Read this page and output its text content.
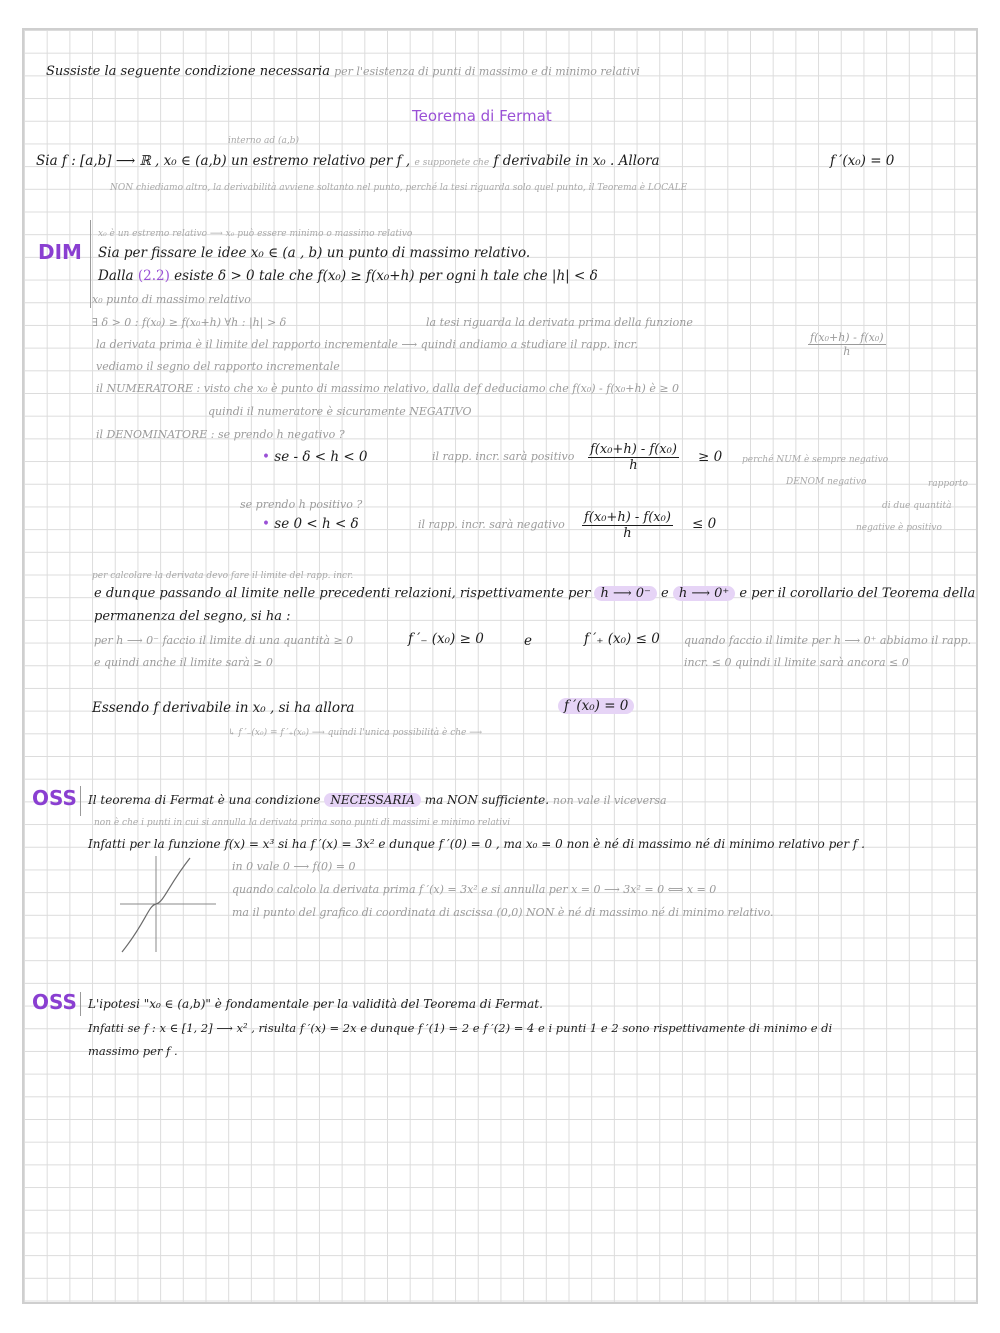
Sussiste la seguente condizione necessaria per l'esistenza di punti di massimo e di minimo relativi
Teorema di Fermat
interno ad (a,b)
Sia f : [a,b] ⟶ ℝ , x₀ ∈ (a,b) un estremo relativo per f , e supponete che f derivabile in x₀ . Allora	f ′(x₀) = 0
NON chiediamo altro, la derivabilità avviene soltanto nel punto, perché la tesi riguarda solo quel punto, il Teorema è LOCALE
DIM
x₀ è un estremo relativo ⟶ x₀ può essere minimo o massimo relativo
Sia per fissare le idee x₀ ∈ (a , b) un punto di massimo relativo.
Dalla (2.2) esiste δ > 0 tale che f(x₀) ≥ f(x₀+h) per ogni h tale che |h| < δ
x₀ punto di massimo relativo
∃ δ > 0 : f(x₀) ≥ f(x₀+h) ∀h : |h| > δ	la tesi riguarda la derivata prima della funzione
la derivata prima è il limite del rapporto incrementale ⟶ quindi andiamo a studiare il rapp. incr.	$\frac{\text{f(x₀+h) - f(x₀)}}{h}$
vediamo il segno del rapporto incrementale
il NUMERATORE : visto che x₀ è punto di massimo relativo, dalla def deduciamo che f(x₀) - f(x₀+h) è ≥ 0
quindi il numeratore è sicuramente NEGATIVO
il DENOMINATORE : se prendo h negativo ?
• se - δ < h < 0	il rapp. incr. sarà positivo $\frac{\text{f(x₀+h) - f(x₀)}}{h} \ge 0$ perché NUM è sempre negativo
DENOM negativo	rapporto
di due quantità
negative è positivo
se prendo h positivo ?
• se 0 < h < δ	il rapp. incr. sarà negativo $\frac{\text{f(x₀+h) - f(x₀)}}{h} \le 0$
per calcolare la derivata devo fare il limite del rapp. incr.
e dunque passando al limite nelle precedenti relazioni, rispettivamente per h ⟶ 0⁻ e h ⟶ 0⁺ e per il corollario del Teorema della
permanenza del segno, si ha :
per h ⟶ 0⁻ faccio il limite di una quantità ≥ 0
e quindi anche il limite sarà ≥ 0
f ′₋ (x₀) ≥ 0	e	f ′₊ (x₀) ≤ 0 quando faccio il limite per h ⟶ 0⁺ abbiamo il rapp.
incr. ≤ 0 quindi il limite sarà ancora ≤ 0
Essendo f derivabile in x₀ , si ha allora	f ′(x₀) = 0
↳ f ′₋(x₀) = f ′₊(x₀) ⟶ quindi l'unica possibilità è che ⟶
OSS Il teorema di Fermat è una condizione NECESSARIA ma NON sufficiente. non vale il viceversa
non è che i punti in cui si annulla la derivata prima sono punti di massimi e minimo relativi
Infatti per la funzione f(x) = x³ si ha f ′(x) = 3x² e dunque f ′(0) = 0 , ma x₀ = 0 non è né di massimo né di minimo relativo per f .
in 0 vale 0 ⟶ f(0) = 0
quando calcolo la derivata prima f ′(x) = 3x² e si annulla per x = 0 ⟶ 3x² = 0 ⟺ x = 0
ma il punto del grafico di coordinata di ascissa (0,0) NON è né di massimo né di minimo relativo.
OSS L'ipotesi "x₀ ∈ (a,b)" è fondamentale per la validità del Teorema di Fermat.
Infatti se f : x ∈ [1, 2] ⟶ x² , risulta f ′(x) = 2x e dunque f ′(1) = 2 e f ′(2) = 4 e i punti 1 e 2 sono rispettivamente di minimo e di
massimo per f .
